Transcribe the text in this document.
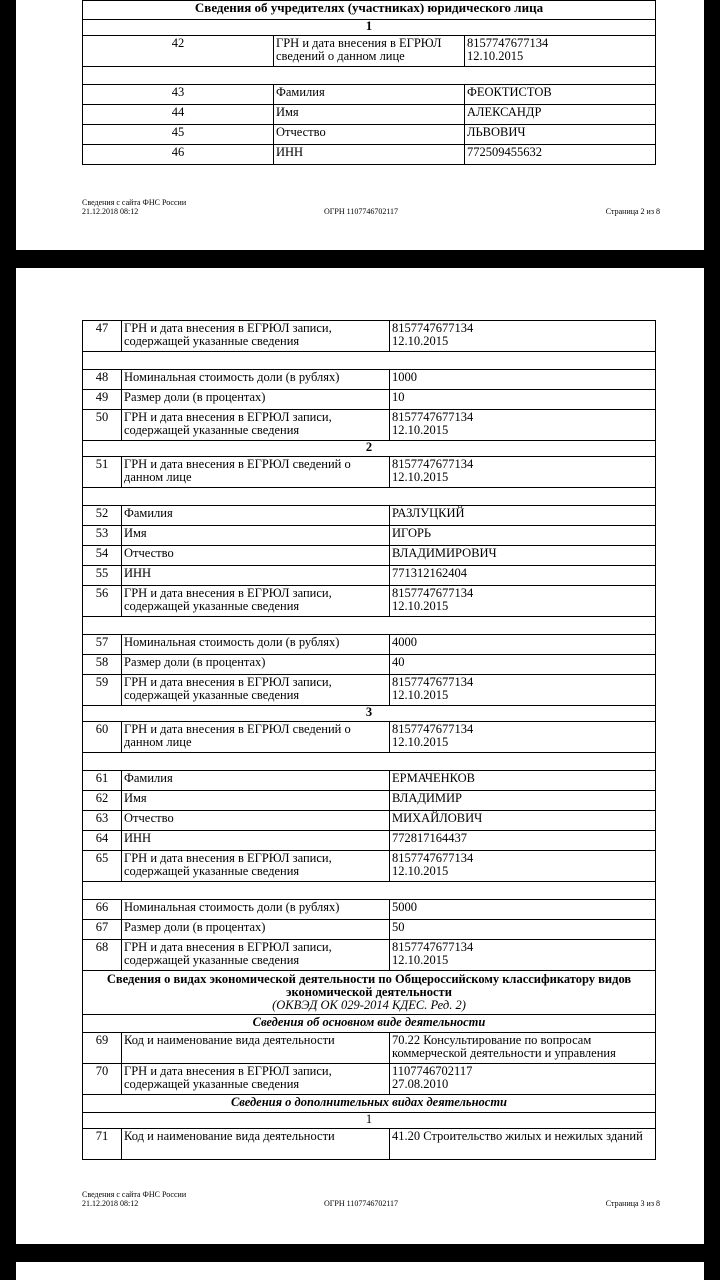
Сведения об учредителях (участниках) юридического лица		
1		
42	ГРН и дата внесения в ЕГРЮЛ сведений о данном лице	8157747677134
12.10.2015

43	Фамилия	ФЕОКТИСТОВ
44	Имя	АЛЕКСАНДР
45	Отчество	ЛЬВОВИЧ
46	ИНН	772509455632
Сведения с сайта ФНС России
21.12.2018 08:12	ОГРН 1107746702117	Страница 2 из 8
47	ГРН и дата внесения в ЕГРЮЛ записи, содержащей указанные сведения	8157747677134
12.10.2015

48	Номинальная стоимость доли (в рублях)	1000
49	Размер доли (в процентах)	10
50	ГРН и дата внесения в ЕГРЮЛ записи, содержащей указанные сведения	8157747677134
12.10.2015
2		
51	ГРН и дата внесения в ЕГРЮЛ сведений о данном лице	8157747677134
12.10.2015

52	Фамилия	РАЗЛУЦКИЙ
53	Имя	ИГОРЬ
54	Отчество	ВЛАДИМИРОВИЧ
55	ИНН	771312162404
56	ГРН и дата внесения в ЕГРЮЛ записи, содержащей указанные сведения	8157747677134
12.10.2015

57	Номинальная стоимость доли (в рублях)	4000
58	Размер доли (в процентах)	40
59	ГРН и дата внесения в ЕГРЮЛ записи, содержащей указанные сведения	8157747677134
12.10.2015
3		
60	ГРН и дата внесения в ЕГРЮЛ сведений о данном лице	8157747677134
12.10.2015

61	Фамилия	ЕРМАЧЕНКОВ
62	Имя	ВЛАДИМИР
63	Отчество	МИХАЙЛОВИЧ
64	ИНН	772817164437
65	ГРН и дата внесения в ЕГРЮЛ записи, содержащей указанные сведения	8157747677134
12.10.2015

66	Номинальная стоимость доли (в рублях)	5000
67	Размер доли (в процентах)	50
68	ГРН и дата внесения в ЕГРЮЛ записи, содержащей указанные сведения	8157747677134
12.10.2015
Сведения о видах экономической деятельности по Общероссийскому классификатору видов экономической деятельности
(ОКВЭД ОК 029-2014 КДЕС. Ред. 2)		

Сведения об основном виде деятельности		
69	Код и наименование вида деятельности	70.22 Консультирование по вопросам коммерческой деятельности и управления
70	ГРН и дата внесения в ЕГРЮЛ записи, содержащей указанные сведения	1107746702117
27.08.2010
Сведения о дополнительных видах деятельности		
1		
71	Код и наименование вида деятельности	41.20 Строительство жилых и нежилых зданий
Сведения с сайта ФНС России
21.12.2018 08:12	ОГРН 1107746702117	Страница 3 из 8
